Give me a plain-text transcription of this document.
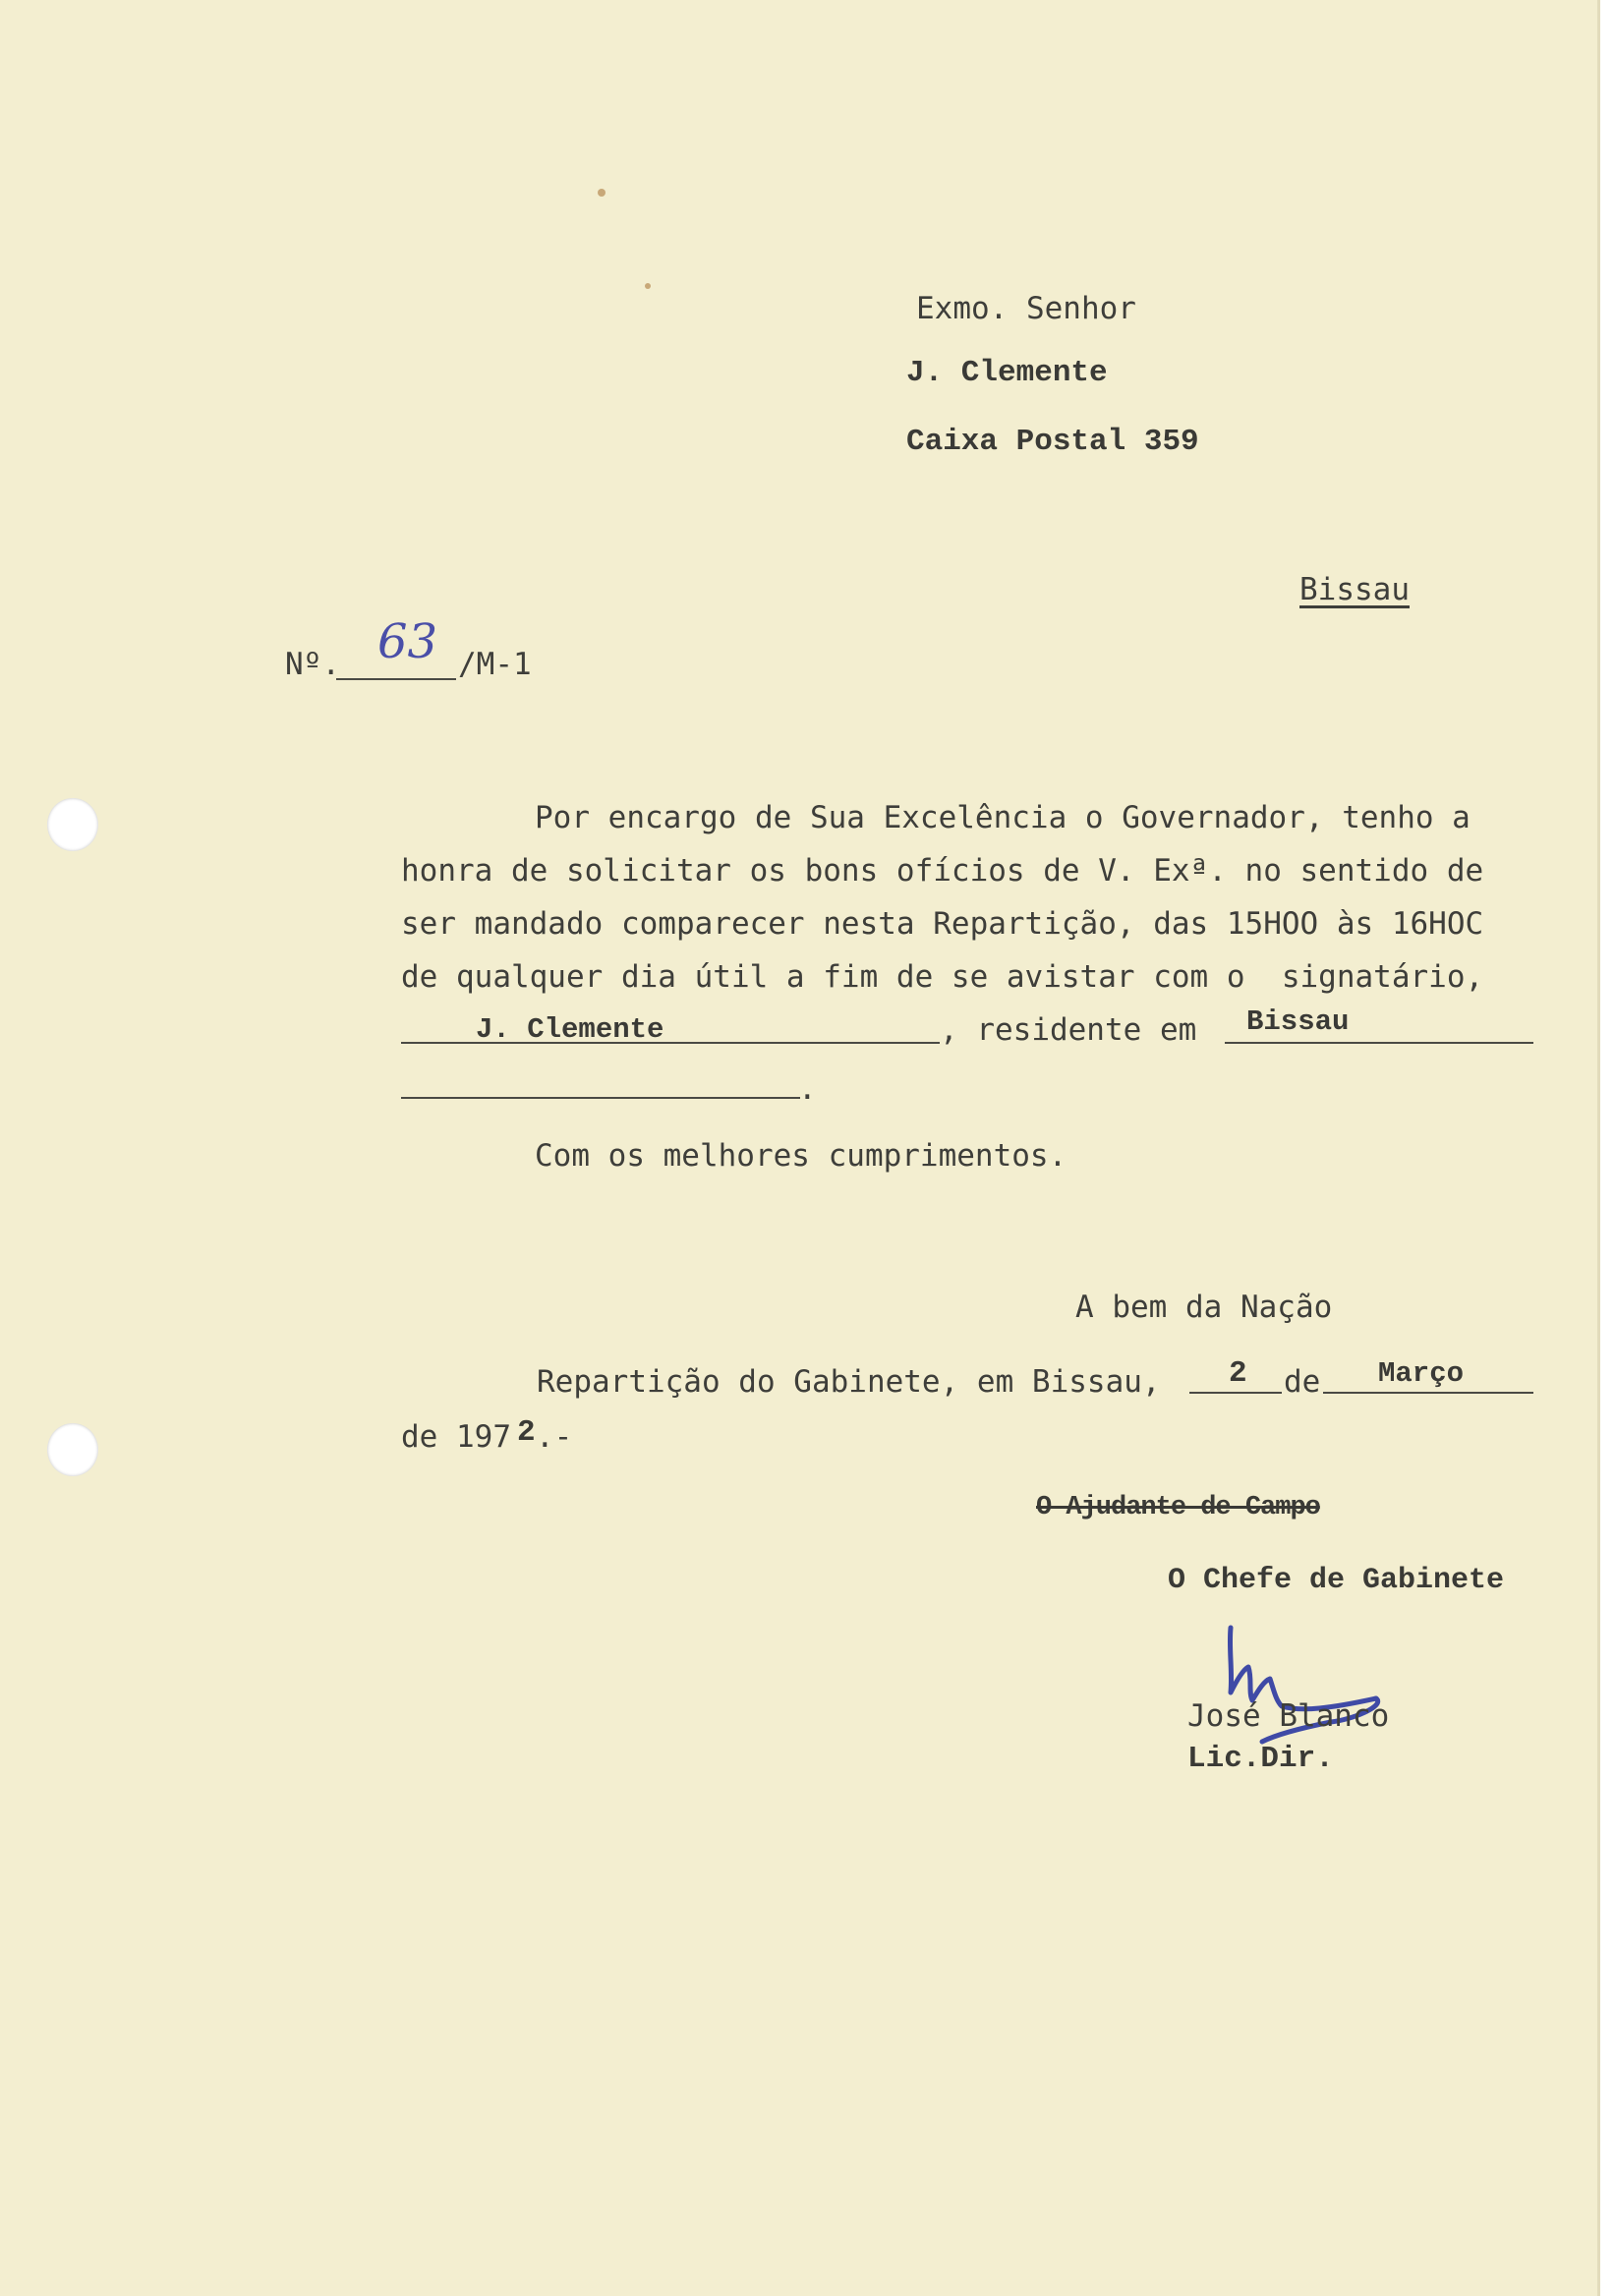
Exmo. Senhor
J. Clemente
Caixa Postal 359
Bissau
Nº. 63 /M-1
Por encargo de Sua Excelência o Governador, tenho a
honra de solicitar os bons ofícios de V. Exª. no sentido de
ser mandado comparecer nesta Repartição, das 15HOO às 16HOC
de qualquer dia útil a fim de se avistar com o  signatário,
J. Clemente	, residente em Bissau
.
Com os melhores cumprimentos.
A bem da Nação
Repartição do Gabinete, em Bissau, 2 de Março
de 197 2 .-
O Ajudante de Campo
O Chefe de Gabinete
José Blanco
Lic.Dir.
